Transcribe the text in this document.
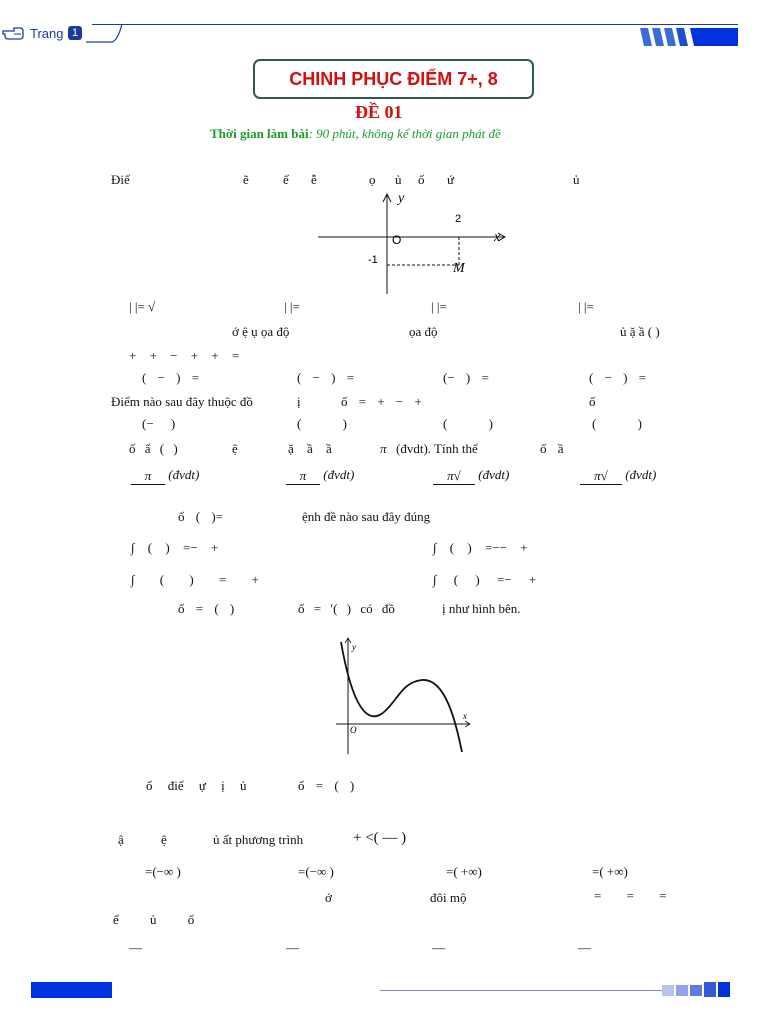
Trang 1
CHINH PHỤC ĐIỂM 7+, 8
ĐỀ 01
Thời gian làm bài: 90 phút, không kể thời gian phát đề
Điể	ẽ	ể ễ	ọ ủ ố ứ	ủ
y
x
O
2
-1
M
| |= √	| |=	| |=	| |=
ớ ệ ụ ọa độ	ọa độ	ủ ặ ầ ( )
+ + − + + =
( − ) =	( − ) =	(− ) =	( − ) =
Điểm nào sau đây thuộc đồ	ị	ố = + − +	ố
(− )	( )	( )	( )
ố ẩ ( )	ệ	ặ ầ ầ	π (đvdt). Tính thể	ố ầ
π	(đvdt)	π	(đvdt)	π√	(đvdt)	π√	(đvdt)
ố ( )=	ệnh đề nào sau đây đúng
∫ ( ) =− +	∫ ( ) =−− +
∫ ( ) = +	∫ ( ) =− +
ố = ( )	ố = ′( ) có đồ	ị như hình bên.
y
x
O
ố điể ự ị ủ	ố = ( )
ậ ệ	ủ ất phương trình	+ <( — )
=(−∞ )	=(−∞ )	=( +∞)	=( +∞)
ớ	đôi mộ	= = =
ế ủ ố
—	—	—	—
